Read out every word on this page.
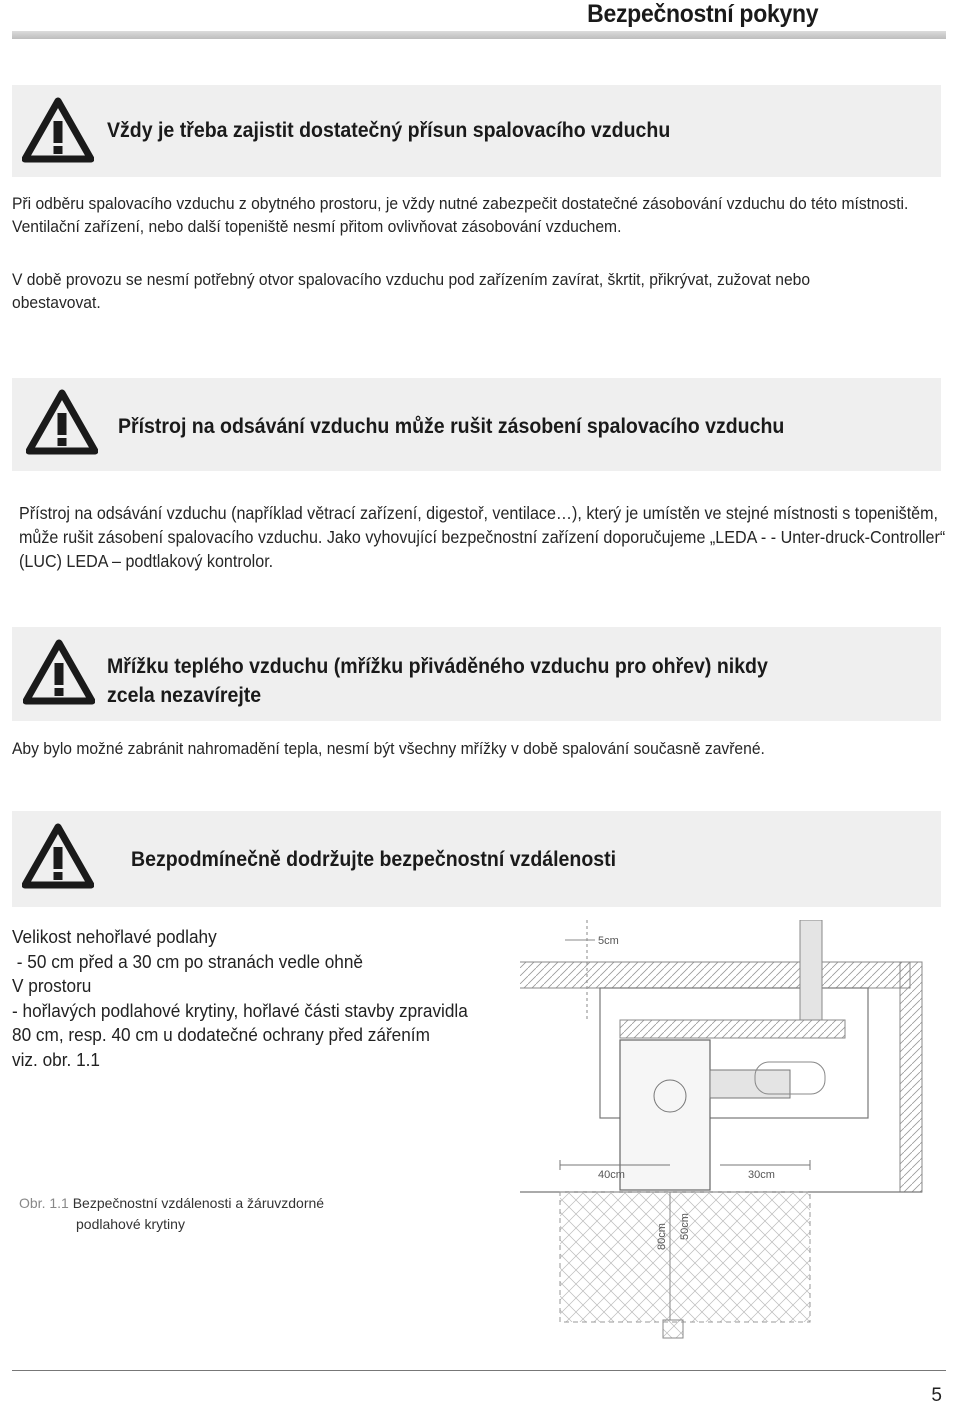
Bezpečnostní pokyny
Vždy je třeba zajistit dostatečný přísun spalovacího vzduchu
Při odběru spalovacího vzduchu z obytného prostoru, je vždy nutné zabezpečit dostatečné zásobování vzduchu do této místnosti. Ventilační zařízení, nebo další topeniště nesmí přitom ovlivňovat zásobování vzduchem.
V době provozu se nesmí potřebný otvor spalovacího vzduchu pod zařízením zavírat, škrtit, přikrývat, zužovat nebo obestavovat.
Přístroj na odsávání vzduchu může rušit zásobení spalovacího vzduchu
Přístroj na odsávání vzduchu (například větrací zařízení, digestoř, ventilace…), který je umístěn ve stejné místnosti s topeništěm, může rušit zásobení spalovacího vzduchu. Jako vyhovující bezpečnostní zařízení doporučujeme „LEDA - - Unter-druck-Controller“ (LUC) LEDA – podtlakový kontrolor.
Mřížku teplého vzduchu (mřížku přiváděného vzduchu pro ohřev) nikdy
zcela nezavírejte
Aby bylo možné zabránit nahromadění tepla, nesmí být všechny mřížky v době spalování současně zavřené.
Bezpodmínečně dodržujte bezpečnostní vzdálenosti
Velikost nehořlavé podlahy
- 50 cm před a 30 cm po stranách vedle ohně
V prostoru
- hořlavých podlahové krytiny, hořlavé části stavby zpravidla
80 cm, resp. 40 cm u dodatečné ochrany před zářením
viz. obr. 1.1
5cm
40cm	30cm
50cm
80cm
Obr. 1.1 Bezpečnostní vzdálenosti a žáruvzdorné
podlahové krytiny
5
